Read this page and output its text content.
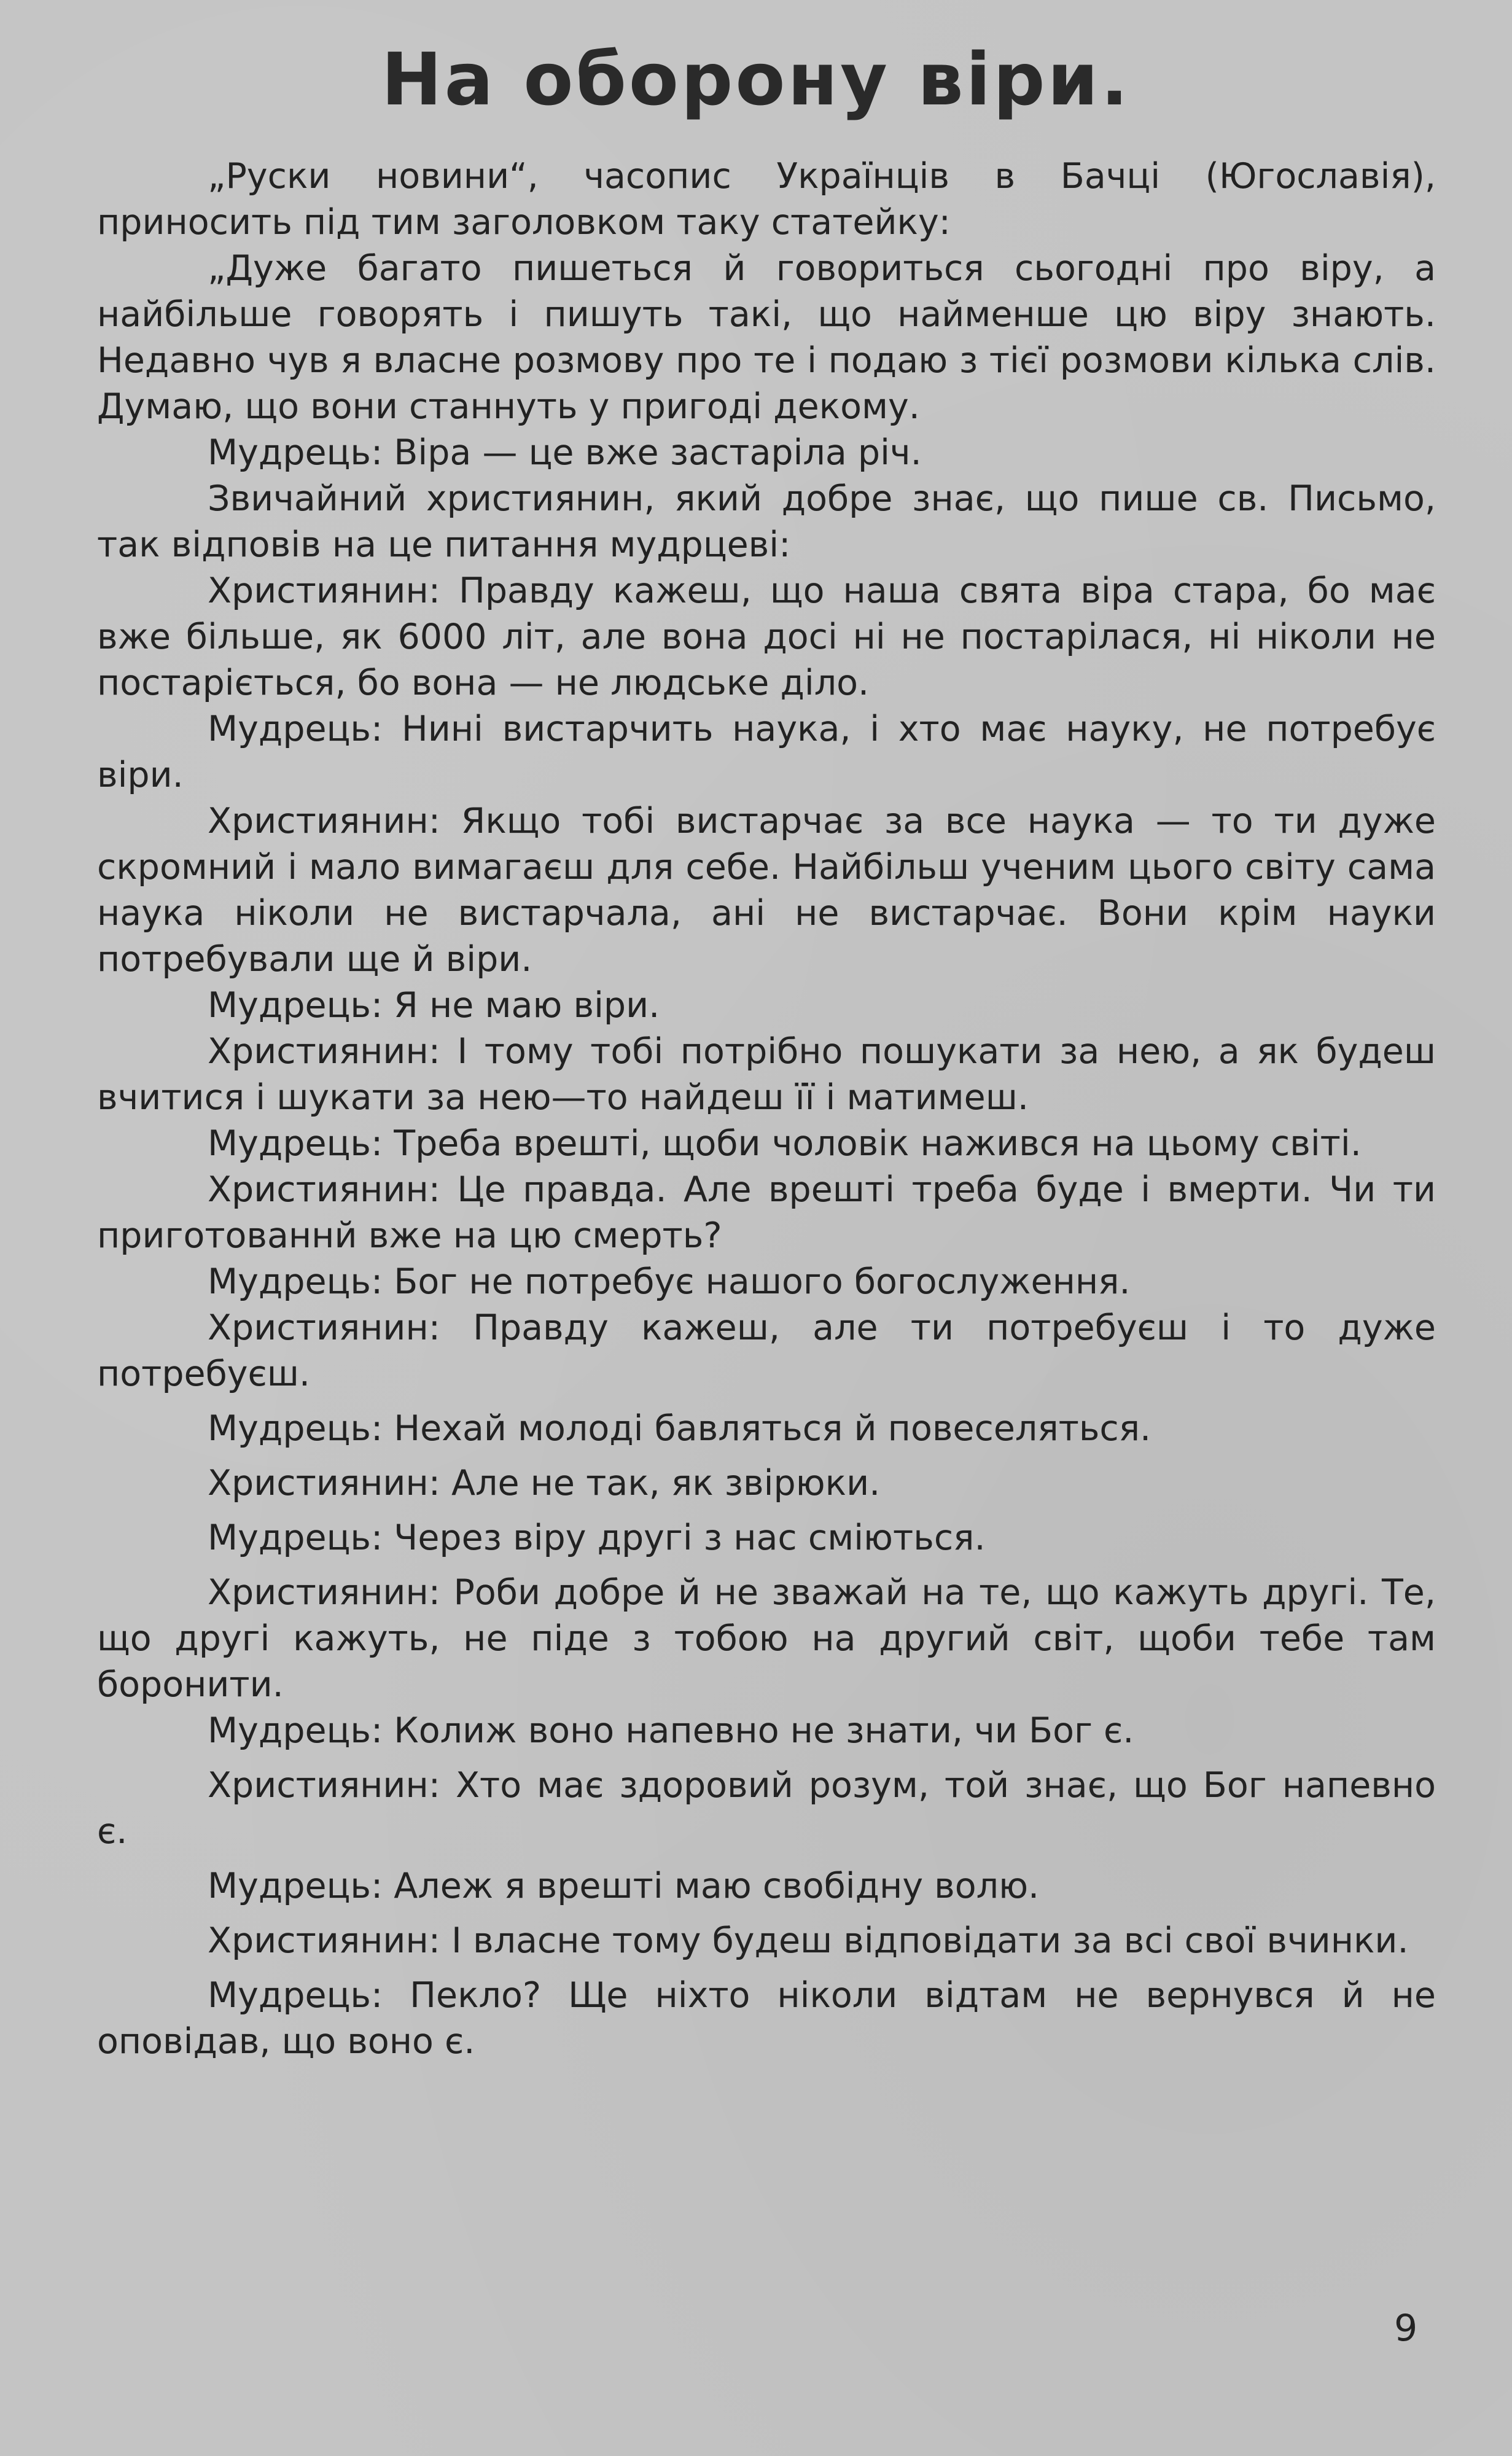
На оборону віри.

„Руски новини“, часопис Українців в Бачці (Югославія), приносить під тим заголовком таку статейку:

„Дуже багато пишеться й говориться сьогодні про віру, а найбільше говорять і пишуть такі, що найменше цю віру знають. Недавно чув я власне розмову про те і подаю з тієї розмови кілька слів. Думаю, що вони станнуть у пригоді декому.

Мудрець: Віра — це вже застаріла річ.

Звичайний християнин, який добре знає, що пише св. Письмо, так відповів на це питання мудрцеві:

Християнин: Правду кажеш, що наша свята віра стара, бо має вже більше, як 6000 літ, але вона досі ні не постарілася, ні ніколи не постаріється, бо вона — не людське діло.

Мудрець: Нині вистарчить наука, і хто має науку, не потребує віри.

Християнин: Якщо тобі вистарчає за все наука — то ти дуже скромний і мало вимагаєш для себе. Найбільш ученим цього світу сама наука ніколи не вистарчала, ані не вистарчає. Вони крім науки потребували ще й віри.

Мудрець: Я не маю віри.

Християнин: І тому тобі потрібно пошукати за нею, а як будеш вчитися і шукати за нею—то найдеш її і матимеш.

Мудрець: Треба врешті, щоби чоловік нажився на цьому світі.

Християнин: Це правда. Але врешті треба буде і вмерти. Чи ти приготованнй вже на цю смерть?

Мудрець: Бог не потребує нашого богослуження.

Християнин: Правду кажеш, але ти потребуєш і то дуже потребуєш.

Мудрець: Нехай молоді бавляться й повеселяться.

Християнин: Але не так, як звірюки.

Мудрець: Через віру другі з нас сміються.

Християнин: Роби добре й не зважай на те, що кажуть другі. Те, що другі кажуть, не піде з тобою на другий світ, щоби тебе там боронити.

Мудрець: Колиж воно напевно не знати, чи Бог є.

Християнин: Хто має здоровий розум, той знає, що Бог напевно є.

Мудрець: Алеж я врешті маю свобідну волю.

Християнин: І власне тому будеш відповідати за всі свої вчинки.

Мудрець: Пекло? Ще ніхто ніколи відтам не вернувся й не оповідав, що воно є.

9
